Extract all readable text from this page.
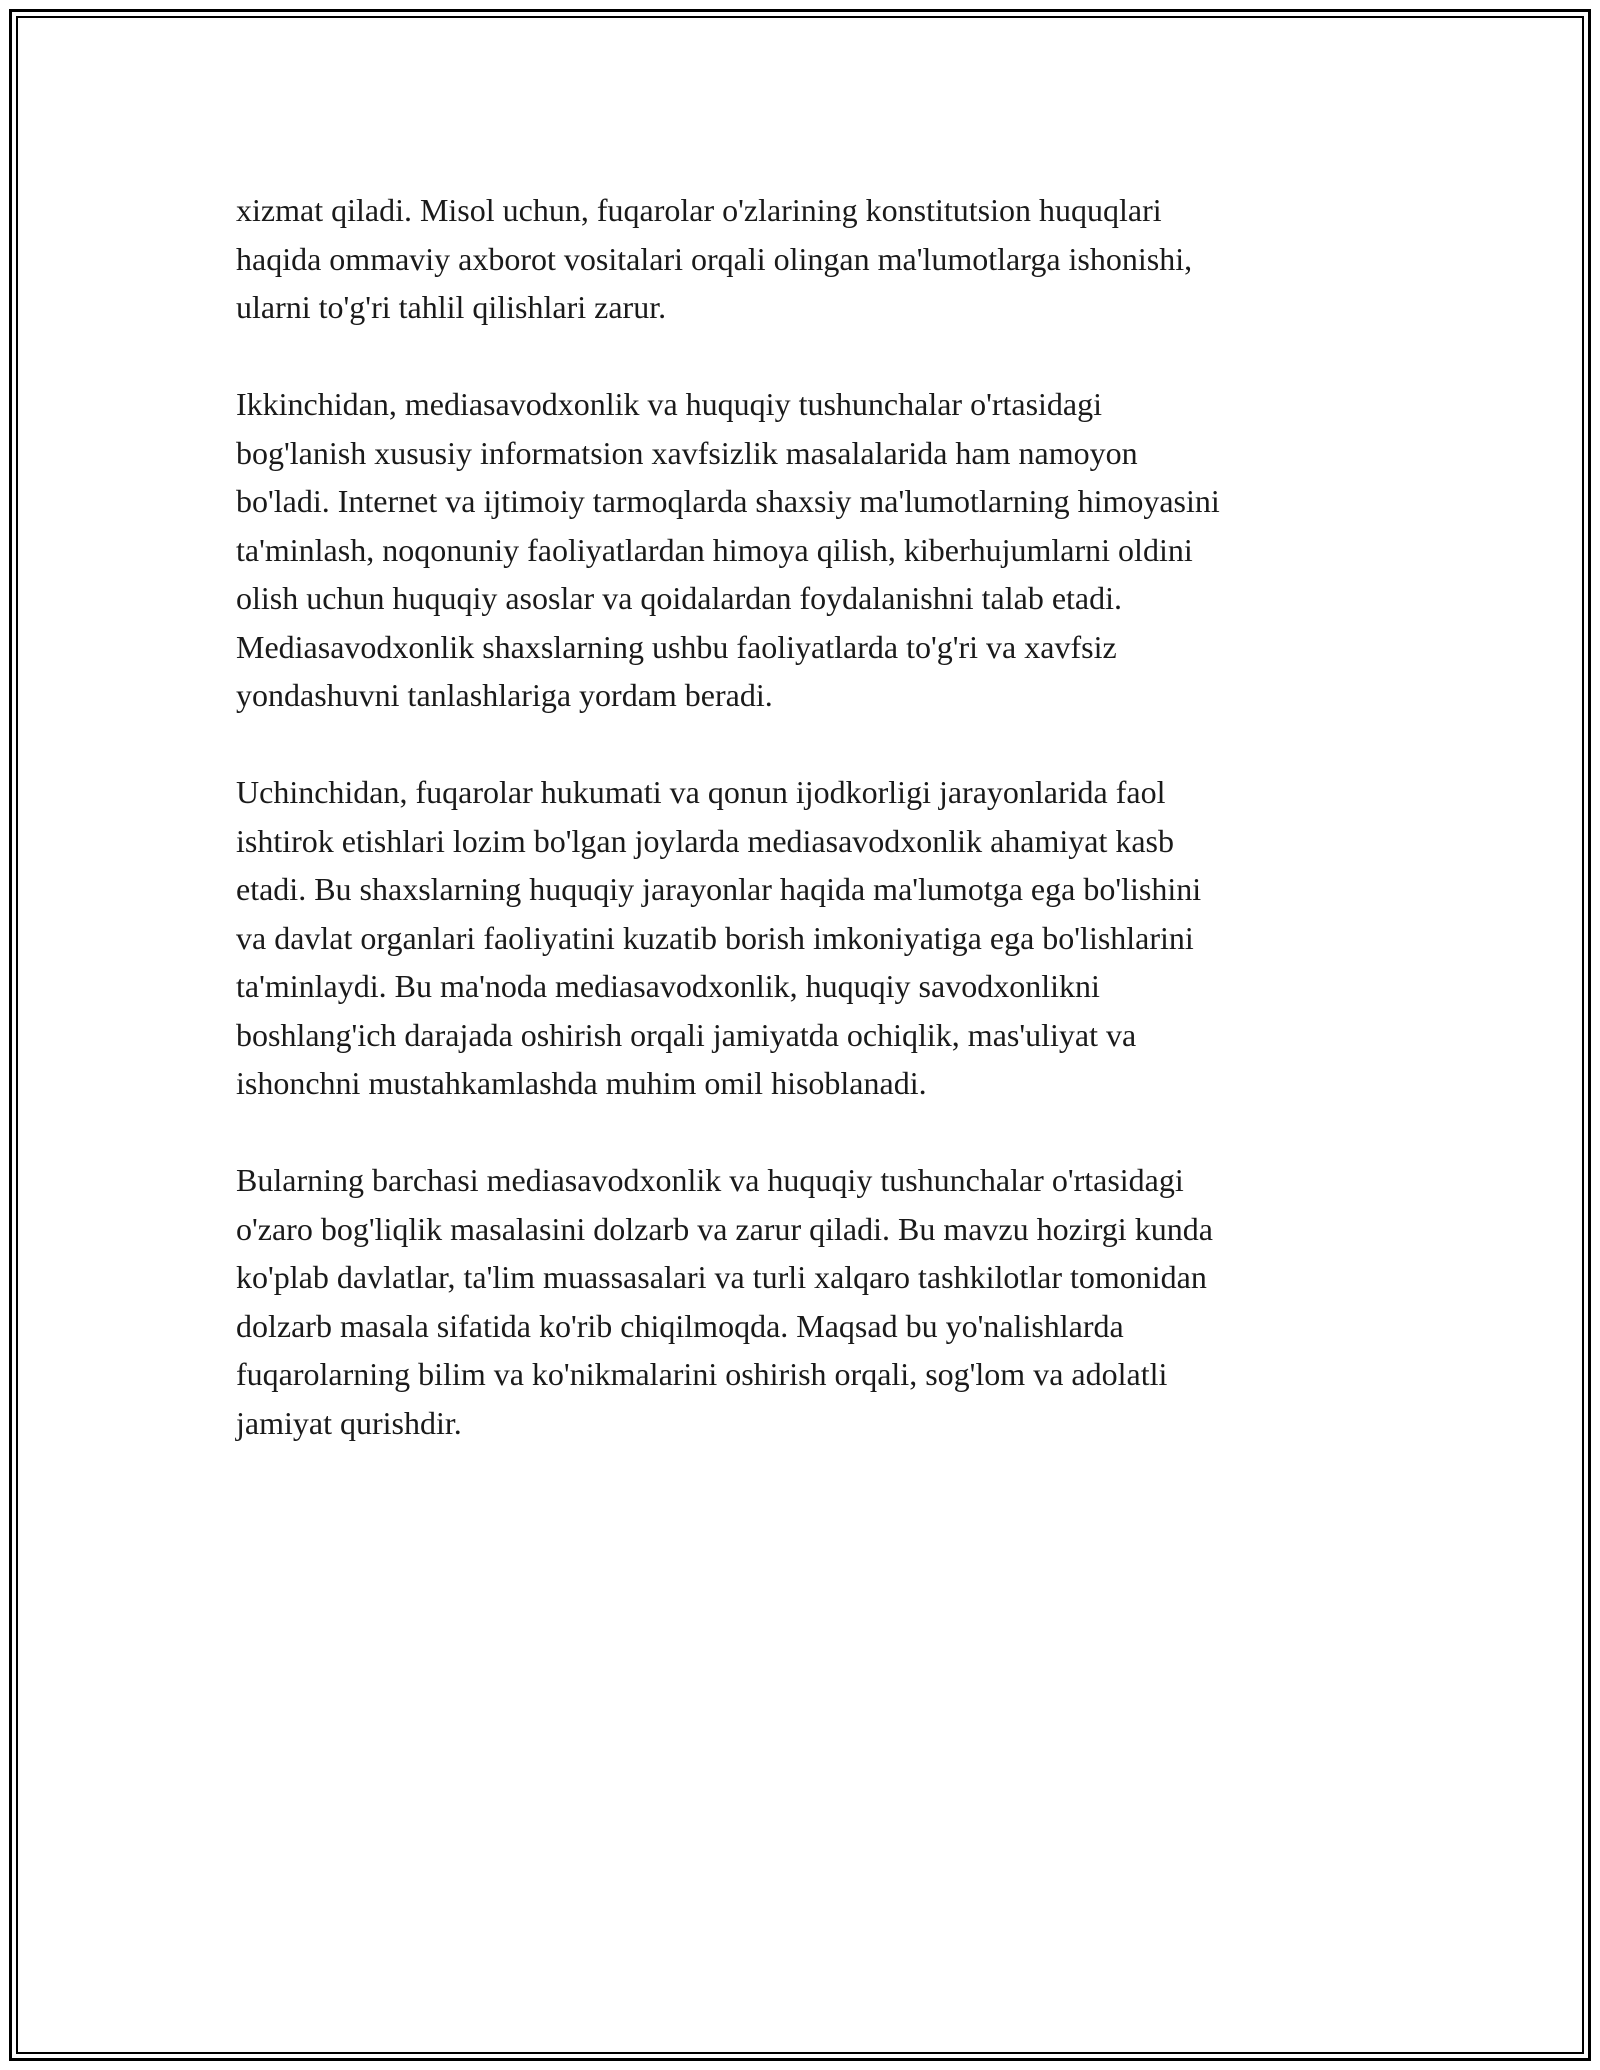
xizmat qiladi. Misol uchun, fuqarolar o'zlarining konstitutsion huquqlari
haqida ommaviy axborot vositalari orqali olingan ma'lumotlarga ishonishi,
ularni to'g'ri tahlil qilishlari zarur.

Ikkinchidan, mediasavodxonlik va huquqiy tushunchalar o'rtasidagi
bog'lanish xususiy informatsion xavfsizlik masalalarida ham namoyon
bo'ladi. Internet va ijtimoiy tarmoqlarda shaxsiy ma'lumotlarning himoyasini
ta'minlash, noqonuniy faoliyatlardan himoya qilish, kiberhujumlarni oldini
olish uchun huquqiy asoslar va qoidalardan foydalanishni talab etadi.
Mediasavodxonlik shaxslarning ushbu faoliyatlarda to'g'ri va xavfsiz
yondashuvni tanlashlariga yordam beradi.

Uchinchidan, fuqarolar hukumati va qonun ijodkorligi jarayonlarida faol
ishtirok etishlari lozim bo'lgan joylarda mediasavodxonlik ahamiyat kasb
etadi. Bu shaxslarning huquqiy jarayonlar haqida ma'lumotga ega bo'lishini
va davlat organlari faoliyatini kuzatib borish imkoniyatiga ega bo'lishlarini
ta'minlaydi. Bu ma'noda mediasavodxonlik, huquqiy savodxonlikni
boshlang'ich darajada oshirish orqali jamiyatda ochiqlik, mas'uliyat va
ishonchni mustahkamlashda muhim omil hisoblanadi.

Bularning barchasi mediasavodxonlik va huquqiy tushunchalar o'rtasidagi
o'zaro bog'liqlik masalasini dolzarb va zarur qiladi. Bu mavzu hozirgi kunda
ko'plab davlatlar, ta'lim muassasalari va turli xalqaro tashkilotlar tomonidan
dolzarb masala sifatida ko'rib chiqilmoqda. Maqsad bu yo'nalishlarda
fuqarolarning bilim va ko'nikmalarini oshirish orqali, sog'lom va adolatli
jamiyat qurishdir.
